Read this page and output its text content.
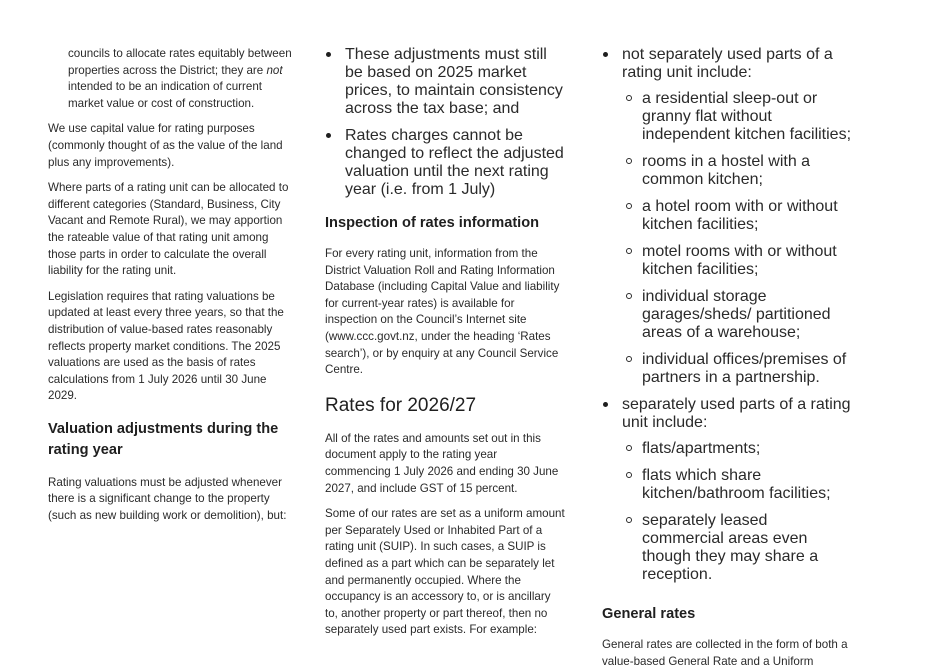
councils to allocate rates equitably between properties across the District; they are not intended to be an indication of current market value or cost of construction.

We use capital value for rating purposes (commonly thought of as the value of the land plus any improvements).

Where parts of a rating unit can be allocated to different categories (Standard, Business, City Vacant and Remote Rural), we may apportion the rateable value of that rating unit among those parts in order to calculate the overall liability for the rating unit.

Legislation requires that rating valuations be updated at least every three years, so that the distribution of value-based rates reasonably reflects property market conditions. The 2025 valuations are used as the basis of rates calculations from 1 July 2026 until 30 June 2029.

Valuation adjustments during the rating year

Rating valuations must be adjusted whenever there is a significant change to the property (such as new building work or demolition), but:

These adjustments must still be based on 2025 market prices, to maintain consistency across the tax base; and
Rates charges cannot be changed to reflect the adjusted valuation until the next rating year (i.e. from 1 July)
Inspection of rates information

For every rating unit, information from the District Valuation Roll and Rating Information Database (including Capital Value and liability for current-year rates) is available for inspection on the Council’s Internet site (www.ccc.govt.nz, under the heading ‘Rates search’), or by enquiry at any Council Service Centre.

Rates for 2026/27

All of the rates and amounts set out in this document apply to the rating year commencing 1 July 2026 and ending 30 June 2027, and include GST of 15 percent.

Some of our rates are set as a uniform amount per Separately Used or Inhabited Part of a rating unit (SUIP). In such cases, a SUIP is defined as a part which can be separately let and permanently occupied. Where the occupancy is an accessory to, or is ancillary to, another property or part thereof, then no separately used part exists. For example:

not separately used parts of a rating unit include:
a residential sleep-out or granny flat without independent kitchen facilities;
rooms in a hostel with a common kitchen;
a hotel room with or without kitchen facilities;
motel rooms with or without kitchen facilities;
individual storage garages/sheds/ partitioned areas of a warehouse;
individual offices/premises of partners in a partnership.
separately used parts of a rating unit include:
flats/apartments;
flats which share kitchen/bathroom facilities;
separately leased commercial areas even though they may share a reception.
General rates

General rates are collected in the form of both a value-based General Rate and a Uniform
